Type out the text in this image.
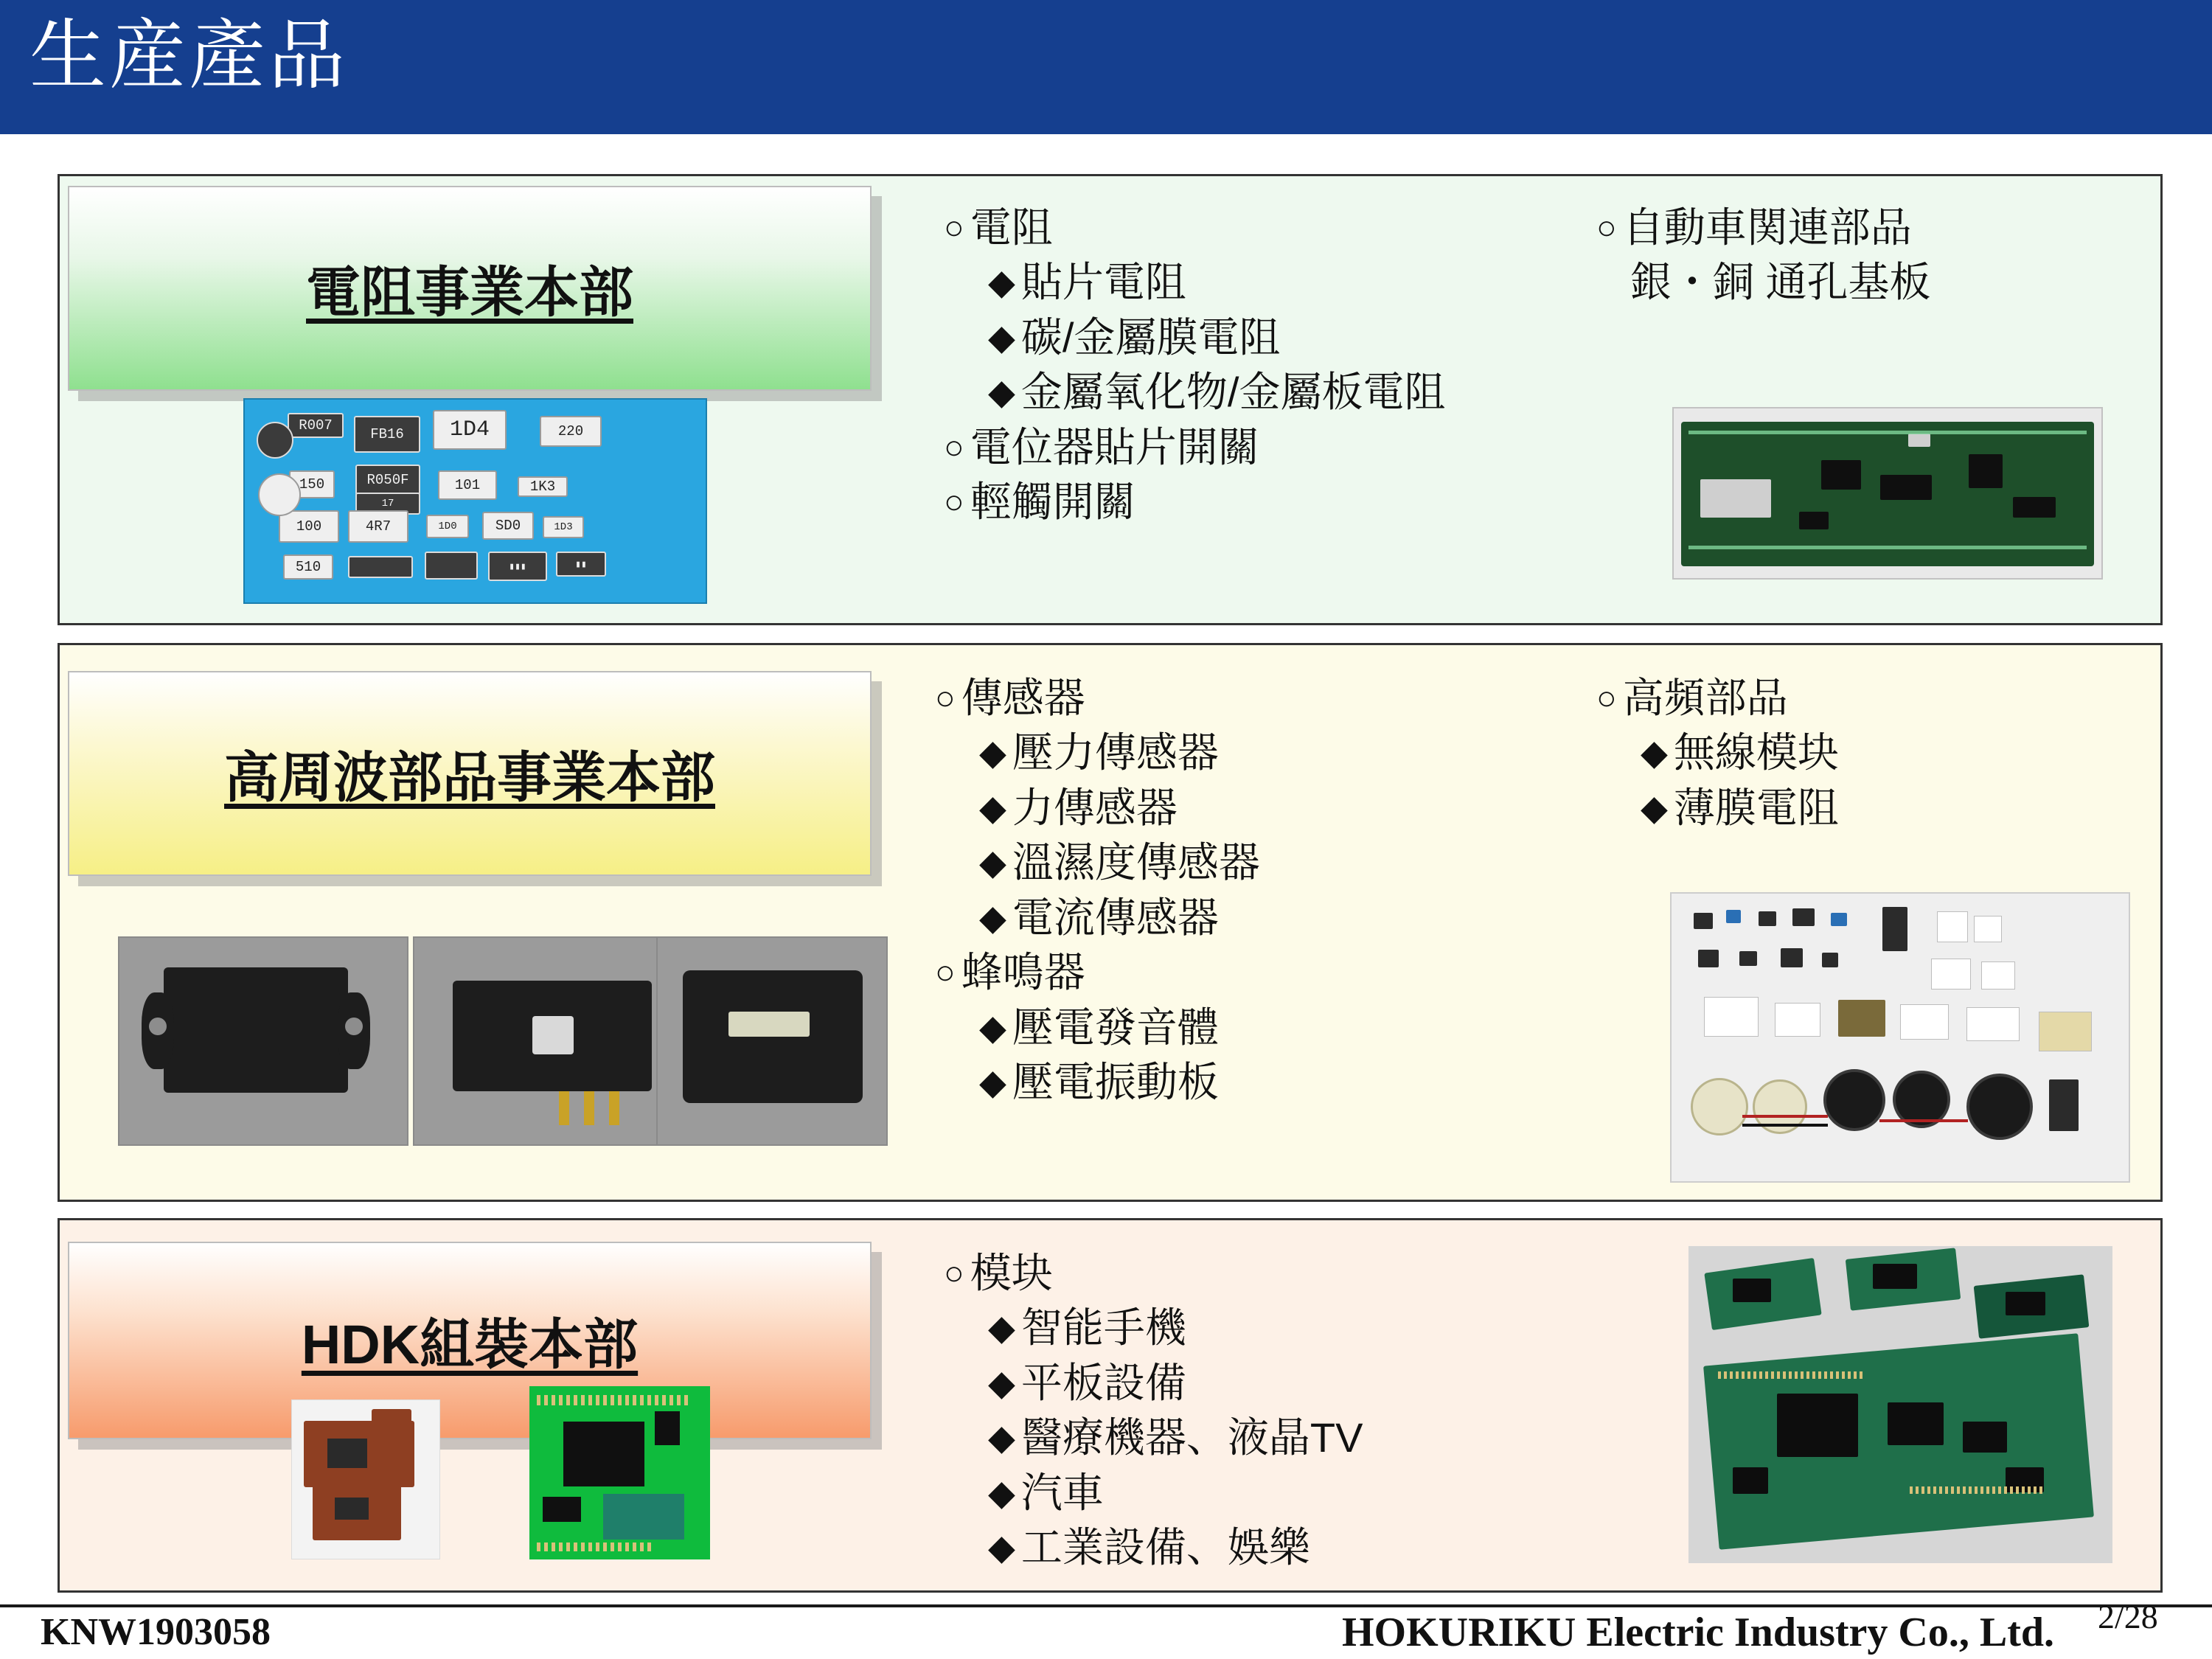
生産產品
電阻事業本部
○ 電阻
◆ 貼片電阻
◆ 碳/金屬膜電阻
◆ 金屬氧化物/金屬板電阻
○ 電位器貼片開關
○ 輕觸開關
○ 自動車関連部品
銀・銅 通孔基板
R007
FB16	1D4	220
R050F
17
101	1K3
150
100	4R7	1D0	SD0	1D3
510	▮▮▮	▮▮
高周波部品事業本部
○ 傳感器
◆ 壓力傳感器
◆ 力傳感器
◆ 溫濕度傳感器
◆ 電流傳感器
○ 蜂鳴器
◆ 壓電發音體
◆ 壓電振動板
○ 高頻部品
◆ 無線模块
◆ 薄膜電阻
HDK組裝本部
○ 模块
◆ 智能手機
◆ 平板設備
◆ 醫療機器、液晶TV
◆ 汽車
◆ 工業設備、娛樂
KNW1903058	HOKURIKU Electric Industry Co., Ltd. 2/28
